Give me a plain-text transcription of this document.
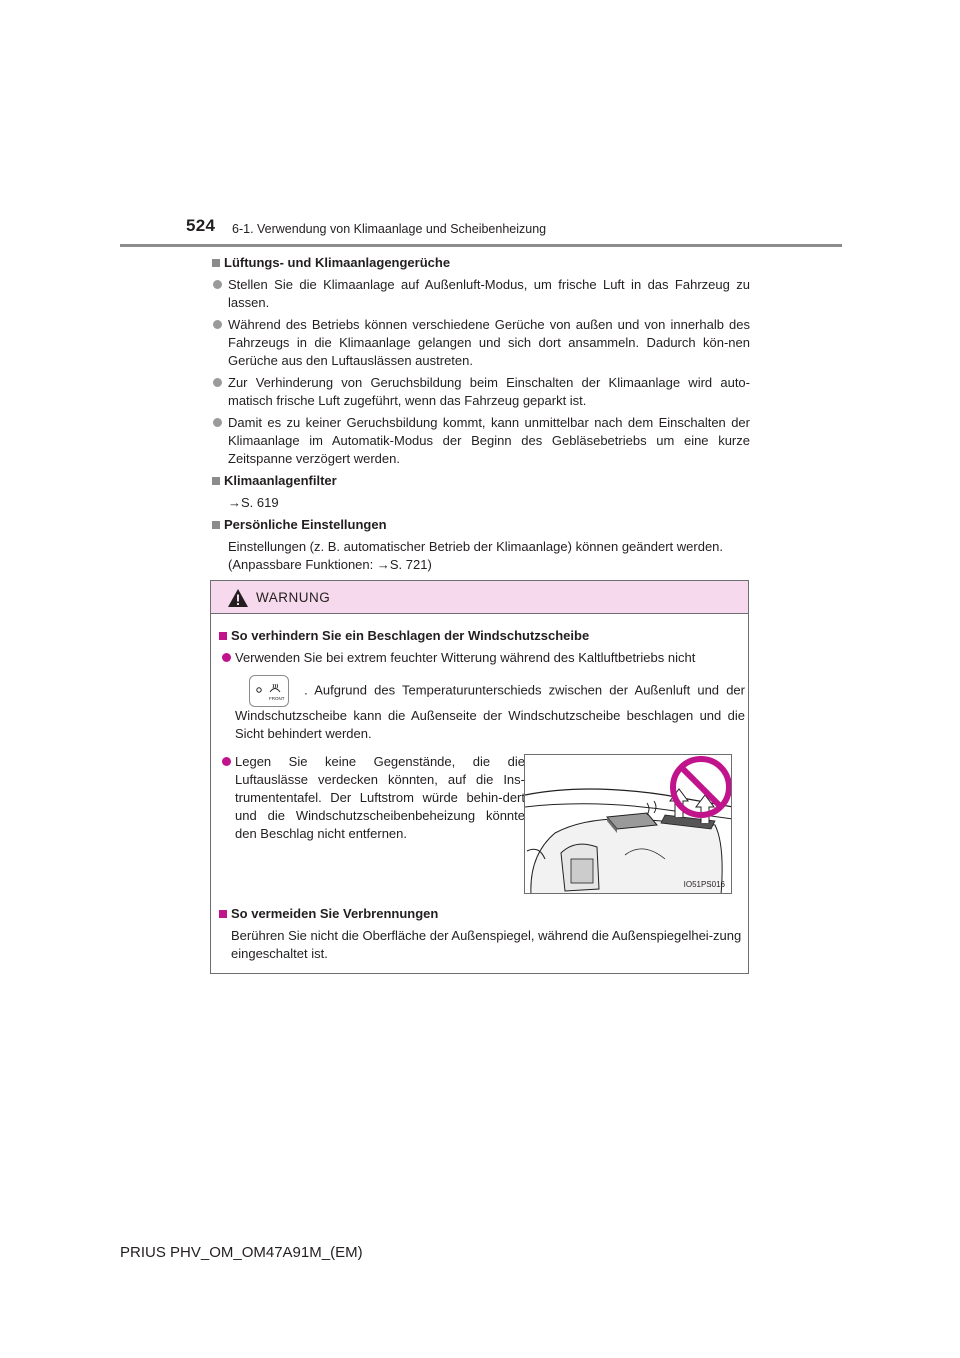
524 6-1. Verwendung von Klimaanlage und Scheibenheizung
Lüftungs- und Klimaanlagengerüche
Stellen Sie die Klimaanlage auf Außenluft-Modus, um frische Luft in das Fahrzeug zu lassen.
Während des Betriebs können verschiedene Gerüche von außen und von innerhalb des Fahrzeugs in die Klimaanlage gelangen und sich dort ansammeln. Dadurch kön-nen Gerüche aus den Luftauslässen austreten.
Zur Verhinderung von Geruchsbildung beim Einschalten der Klimaanlage wird auto-matisch frische Luft zugeführt, wenn das Fahrzeug geparkt ist.
Damit es zu keiner Geruchsbildung kommt, kann unmittelbar nach dem Einschalten der Klimaanlage im Automatik-Modus der Beginn des Gebläsebetriebs um eine kurze Zeitspanne verzögert werden.
Klimaanlagenfilter
→S. 619
Persönliche Einstellungen
Einstellungen (z. B. automatischer Betrieb der Klimaanlage) können geändert werden.
(Anpassbare Funktionen: →S. 721)
WARNUNG
So verhindern Sie ein Beschlagen der Windschutzscheibe
Verwenden Sie bei extrem feuchter Witterung während des Kaltluftbetriebs nicht

FRONT
. Aufgrund des Temperaturunterschieds zwischen der Außenluft und der Windschutzscheibe kann die Außenseite der Windschutzscheibe beschlagen und die Sicht behindert werden.
Legen Sie keine Gegenstände, die die Luftauslässe verdecken könnten, auf die Ins-trumententafel. Der Luftstrom würde behin-dert und die Windschutzscheibenbeheizung könnte den Beschlag nicht entfernen.
So vermeiden Sie Verbrennungen
Berühren Sie nicht die Oberfläche der Außenspiegel, während die Außenspiegelhei-zung eingeschaltet ist.
IO51PS016
PRIUS PHV_OM_OM47A91M_(EM)
